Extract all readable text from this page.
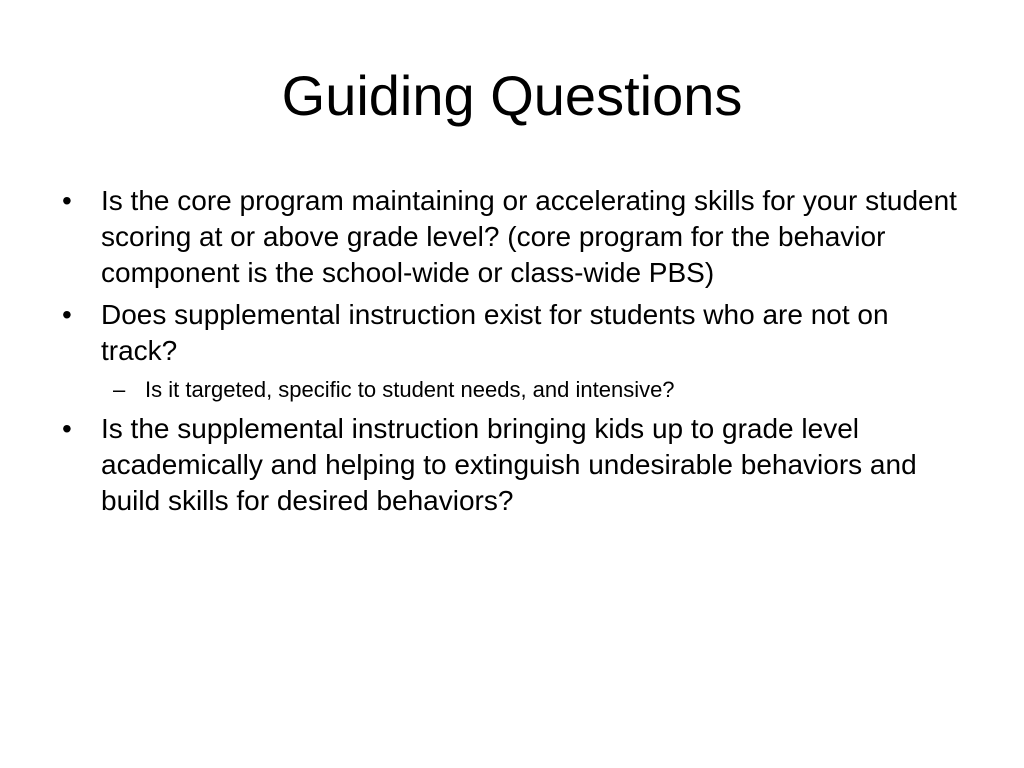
Guiding Questions
• Is the core program maintaining or accelerating skills for your student scoring at or above grade level? (core program for the behavior component is the school-wide or class-wide PBS)
• Does supplemental instruction exist for students who are not on track?
– Is it targeted, specific to student needs, and intensive?
• Is the supplemental instruction bringing kids up to grade level academically and helping to extinguish undesirable behaviors and build skills for desired behaviors?
